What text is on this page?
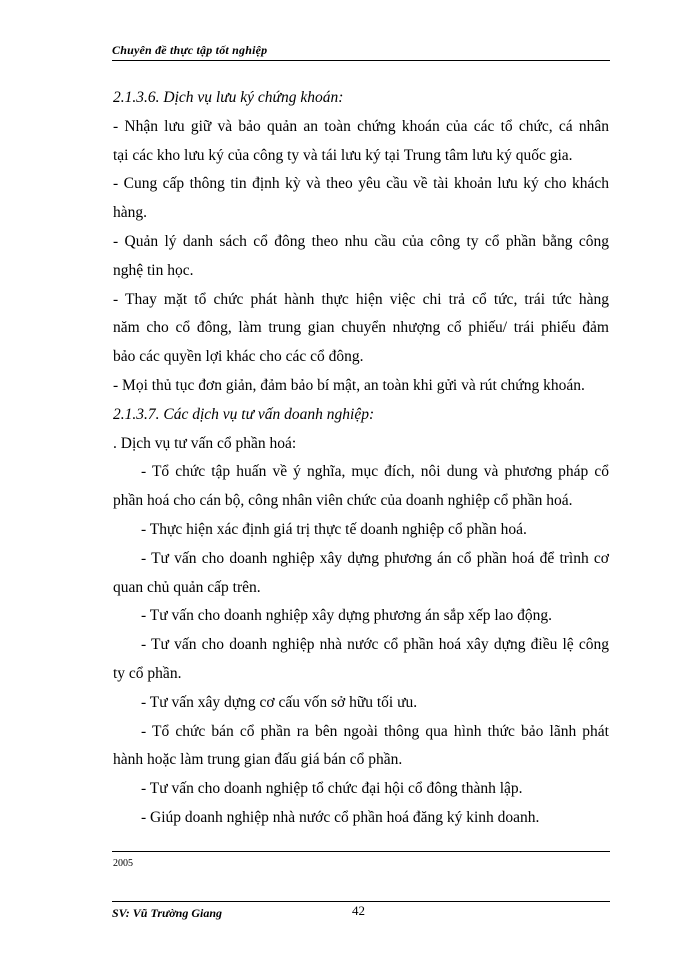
Chuyên đề thực tập tốt nghiệp
2.1.3.6. Dịch vụ lưu ký chứng khoán:
- Nhận lưu giữ và bảo quản an toàn chứng khoán của các tổ chức, cá nhân
tại các kho lưu ký của công ty và tái lưu ký tại Trung tâm lưu ký quốc gia.
- Cung cấp thông tin định kỳ và theo yêu cầu về tài khoản lưu ký cho khách
hàng.
- Quản lý danh sách cổ đông theo nhu cầu của công ty cổ phần bằng công
nghệ tin học.
- Thay mặt tổ chức phát hành thực hiện việc chi trả cổ tức, trái tức hàng
năm cho cổ đông, làm trung gian chuyển nhượng cổ phiếu/ trái phiếu đảm
bảo các quyền lợi khác cho các cổ đông.
- Mọi thủ tục đơn giản, đảm bảo bí mật, an toàn khi gửi và rút chứng khoán.
2.1.3.7. Các dịch vụ tư vấn doanh nghiệp:
. Dịch vụ tư vấn cổ phần hoá:
- Tổ chức tập huấn về ý nghĩa, mục đích, nôi dung và phương pháp cổ
phần hoá cho cán bộ, công nhân viên chức của doanh nghiệp cổ phần hoá.
- Thực hiện xác định giá trị thực tế doanh nghiệp cổ phần hoá.
- Tư vấn cho doanh nghiệp xây dựng phương án cổ phần hoá để trình cơ
quan chủ quản cấp trên.
- Tư vấn cho doanh nghiệp xây dựng phương án sắp xếp lao động.
- Tư vấn cho doanh nghiệp nhà nước cổ phần hoá xây dựng điều lệ công
ty cổ phần.
- Tư vấn xây dựng cơ cấu vốn sở hữu tối ưu.
- Tổ chức bán cổ phần ra bên ngoài thông qua hình thức bảo lãnh phát
hành hoặc làm trung gian đấu giá bán cổ phần.
- Tư vấn cho doanh nghiệp tổ chức đại hội cổ đông thành lập.
- Giúp doanh nghiệp nhà nước cổ phần hoá đăng ký kinh doanh.
2005
SV: Vũ Trường Giang	42
